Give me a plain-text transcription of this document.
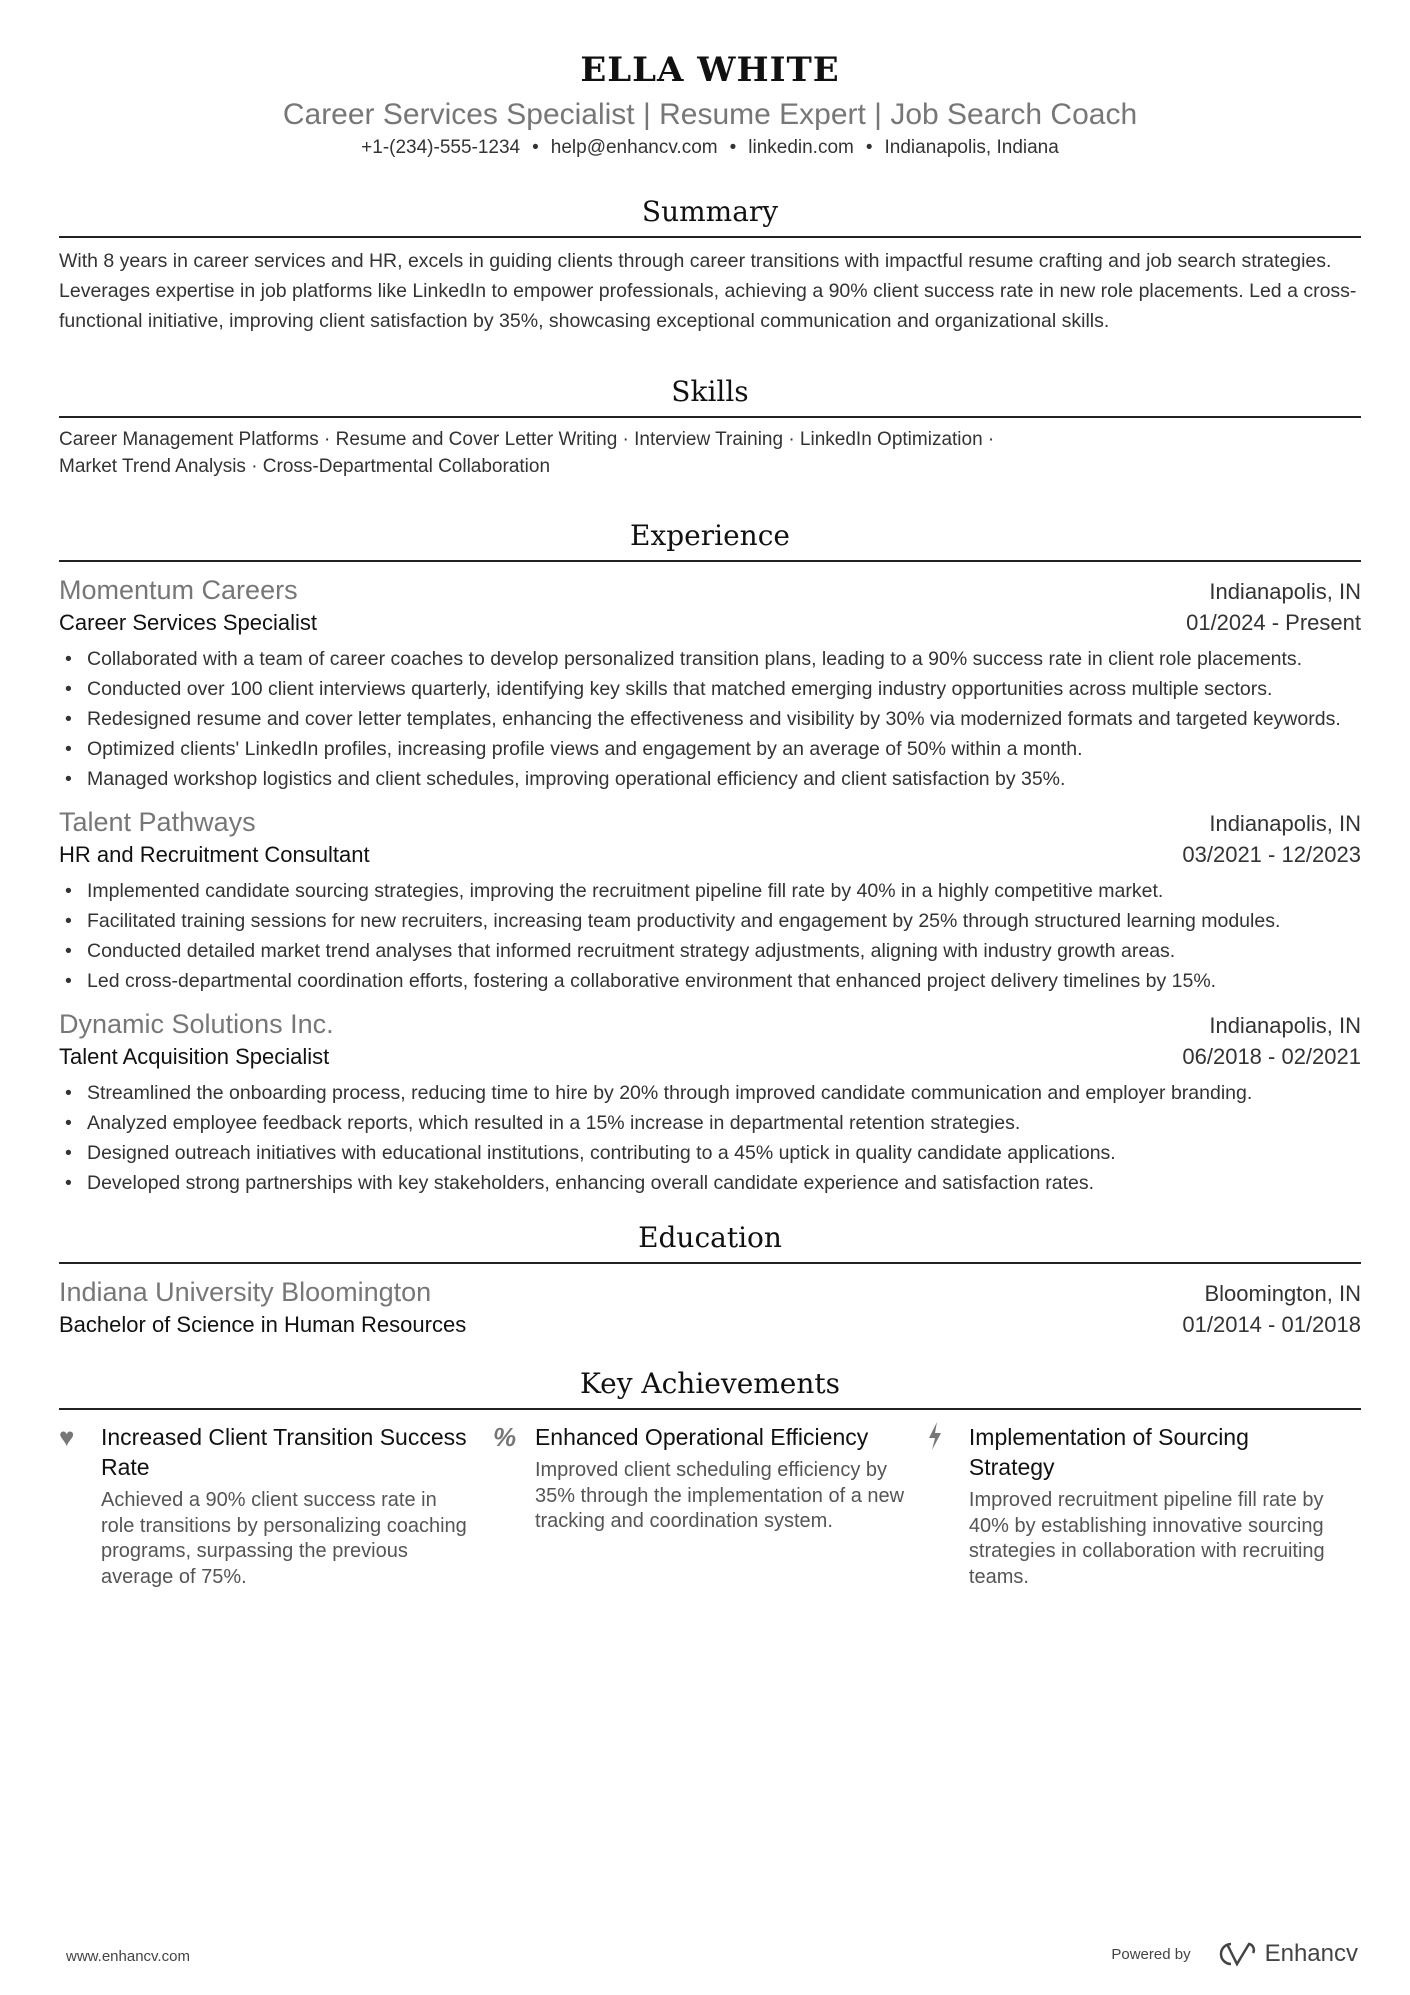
ELLA WHITE
Career Services Specialist | Resume Expert | Job Search Coach
+1-(234)-555-1234 • help@enhancv.com • linkedin.com • Indianapolis, Indiana
Summary
With 8 years in career services and HR, excels in guiding clients through career transitions with impactful resume crafting and job search strategies. Leverages expertise in job platforms like LinkedIn to empower professionals, achieving a 90% client success rate in new role placements. Led a cross-functional initiative, improving client satisfaction by 35%, showcasing exceptional communication and organizational skills.
Skills
Career Management Platforms · Resume and Cover Letter Writing · Interview Training · LinkedIn Optimization ·
Market Trend Analysis · Cross-Departmental Collaboration
Experience
Momentum Careers	Indianapolis, IN
Career Services Specialist	01/2024 - Present
• Collaborated with a team of career coaches to develop personalized transition plans, leading to a 90% success rate in client role placements.
• Conducted over 100 client interviews quarterly, identifying key skills that matched emerging industry opportunities across multiple sectors.
• Redesigned resume and cover letter templates, enhancing the effectiveness and visibility by 30% via modernized formats and targeted keywords.
• Optimized clients' LinkedIn profiles, increasing profile views and engagement by an average of 50% within a month.
• Managed workshop logistics and client schedules, improving operational efficiency and client satisfaction by 35%.
Talent Pathways	Indianapolis, IN
HR and Recruitment Consultant	03/2021 - 12/2023
• Implemented candidate sourcing strategies, improving the recruitment pipeline fill rate by 40% in a highly competitive market.
• Facilitated training sessions for new recruiters, increasing team productivity and engagement by 25% through structured learning modules.
• Conducted detailed market trend analyses that informed recruitment strategy adjustments, aligning with industry growth areas.
• Led cross-departmental coordination efforts, fostering a collaborative environment that enhanced project delivery timelines by 15%.
Dynamic Solutions Inc.	Indianapolis, IN
Talent Acquisition Specialist	06/2018 - 02/2021
• Streamlined the onboarding process, reducing time to hire by 20% through improved candidate communication and employer branding.
• Analyzed employee feedback reports, which resulted in a 15% increase in departmental retention strategies.
• Designed outreach initiatives with educational institutions, contributing to a 45% uptick in quality candidate applications.
• Developed strong partnerships with key stakeholders, enhancing overall candidate experience and satisfaction rates.
Education
Indiana University Bloomington	Bloomington, IN
Bachelor of Science in Human Resources	01/2014 - 01/2018
Key Achievements
♥	Increased Client Transition Success Rate
Achieved a 90% client success rate in role transitions by personalizing coaching programs, surpassing the previous average of 75%.
% Enhanced Operational Efficiency
Improved client scheduling efficiency by 35% through the implementation of a new tracking and coordination system.
Implementation of Sourcing Strategy
Improved recruitment pipeline fill rate by 40% by establishing innovative sourcing strategies in collaboration with recruiting teams.
www.enhancv.com	Powered by	Enhancv
